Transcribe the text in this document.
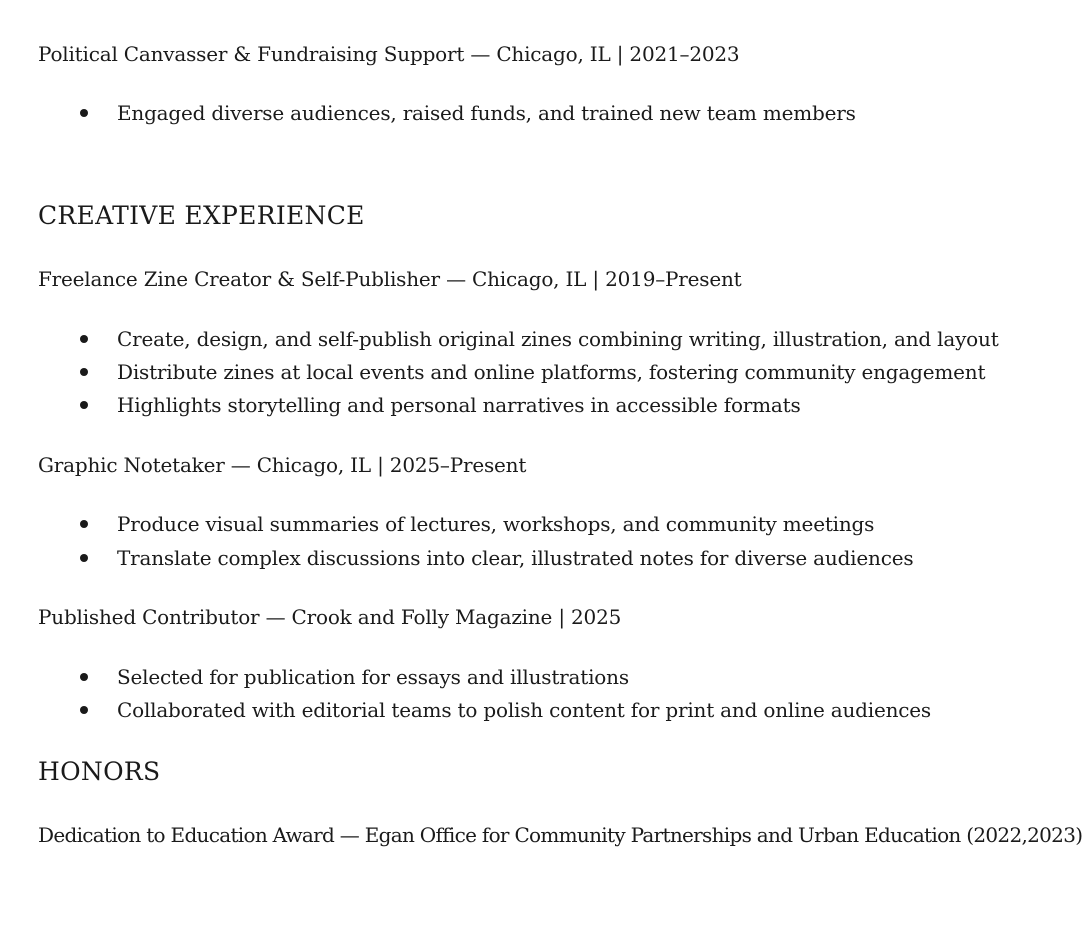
Political Canvasser & Fundraising Support — Chicago, IL | 2021–2023
Engaged diverse audiences, raised funds, and trained new team members
CREATIVE EXPERIENCE
Freelance Zine Creator & Self-Publisher — Chicago, IL | 2019–Present
Create, design, and self-publish original zines combining writing, illustration, and layout
Distribute zines at local events and online platforms, fostering community engagement
Highlights storytelling and personal narratives in accessible formats
Graphic Notetaker — Chicago, IL | 2025–Present
Produce visual summaries of lectures, workshops, and community meetings
Translate complex discussions into clear, illustrated notes for diverse audiences
Published Contributor — Crook and Folly Magazine | 2025
Selected for publication for essays and illustrations
Collaborated with editorial teams to polish content for print and online audiences
HONORS
Dedication to Education Award — Egan Office for Community Partnerships and Urban Education (2022,2023)
